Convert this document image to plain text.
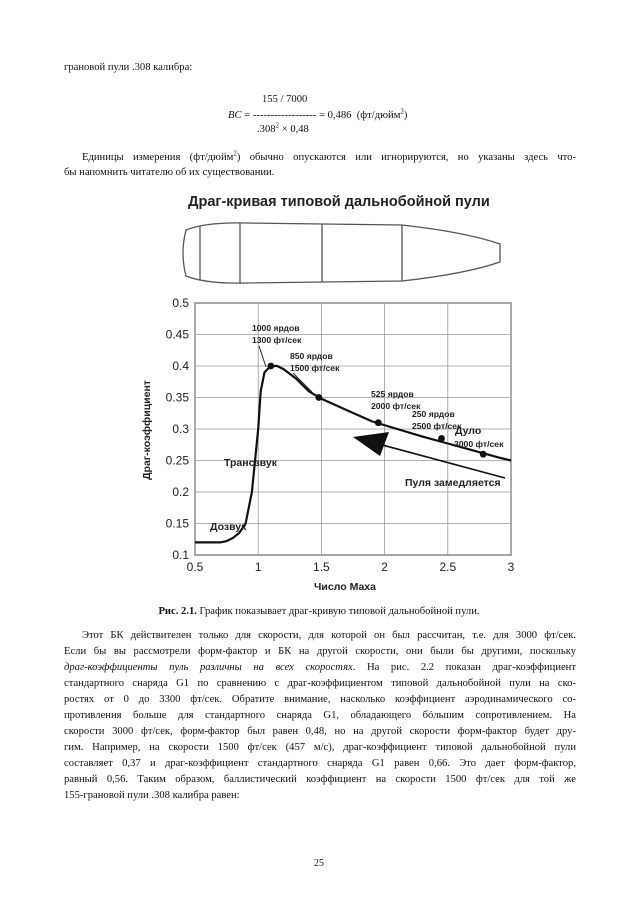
грановой пули .308 калибра:
155 / 7000
BC = ------------------ = 0,486 (фт/дюйм$^2$)
$.308^2 \times 0,48$
Единицы измерения (фт/дюйм$^2$) обычно опускаются или игнорируются, но указаны здесь что-
бы напомнить читателю об их существовании.
Драг-кривая типовой дальнобойной пули
0.1
0.15
0.2
0.25
0.3
0.35
0.4
0.45
0.5
0.5	1	1.5	2	2.5	3
Число Маха
Драг-коэффициент
1000 ярдов
1300 фт/сек
850 ярдов
1500 фт/сек
525 ярдов
2000 фт/сек
250 ярдов
2500 фт/сек
Дуло
3000 фт/сек
Трансзвук
Дозвук
Пуля замедляется
Рис. 2.1. График показывает драг-кривую типовой дальнобойной пули.
Этот БК действителен только для скорости, для которой он был рассчитан, т.е. для 3000 фт/сек.
Если бы вы рассмотрели форм-фактор и БК на другой скорости, они были бы другими, поскольку
драг-коэффициенты пуль различны на всех скоростях. На рис. 2.2 показан драг-коэффициент
стандартного снаряда G1 по сравнению с драг-коэффициентом типовой дальнобойной пули на ско-
ростях от 0 до 3300 фт/сек. Обратите внимание, насколько коэффициент аэродинамического со-
противления больше для стандартного снаряда G1, обладающего бóльшим сопротивлением. На
скорости 3000 фт/сек, форм-фактор был равен 0,48, но на другой скорости форм-фактор будет дру-
гим. Например, на скорости 1500 фт/сек (457 м/с), драг-коэффициент типовой дальнобойной пули
составляет 0,37 и драг-коэффициент стандартного снаряда G1 равен 0,66. Это дает форм-фактор,
равный 0,56. Таким образом, баллистический коэффициент на скорости 1500 фт/сек для той же
155-грановой пули .308 калибра равен:
25
